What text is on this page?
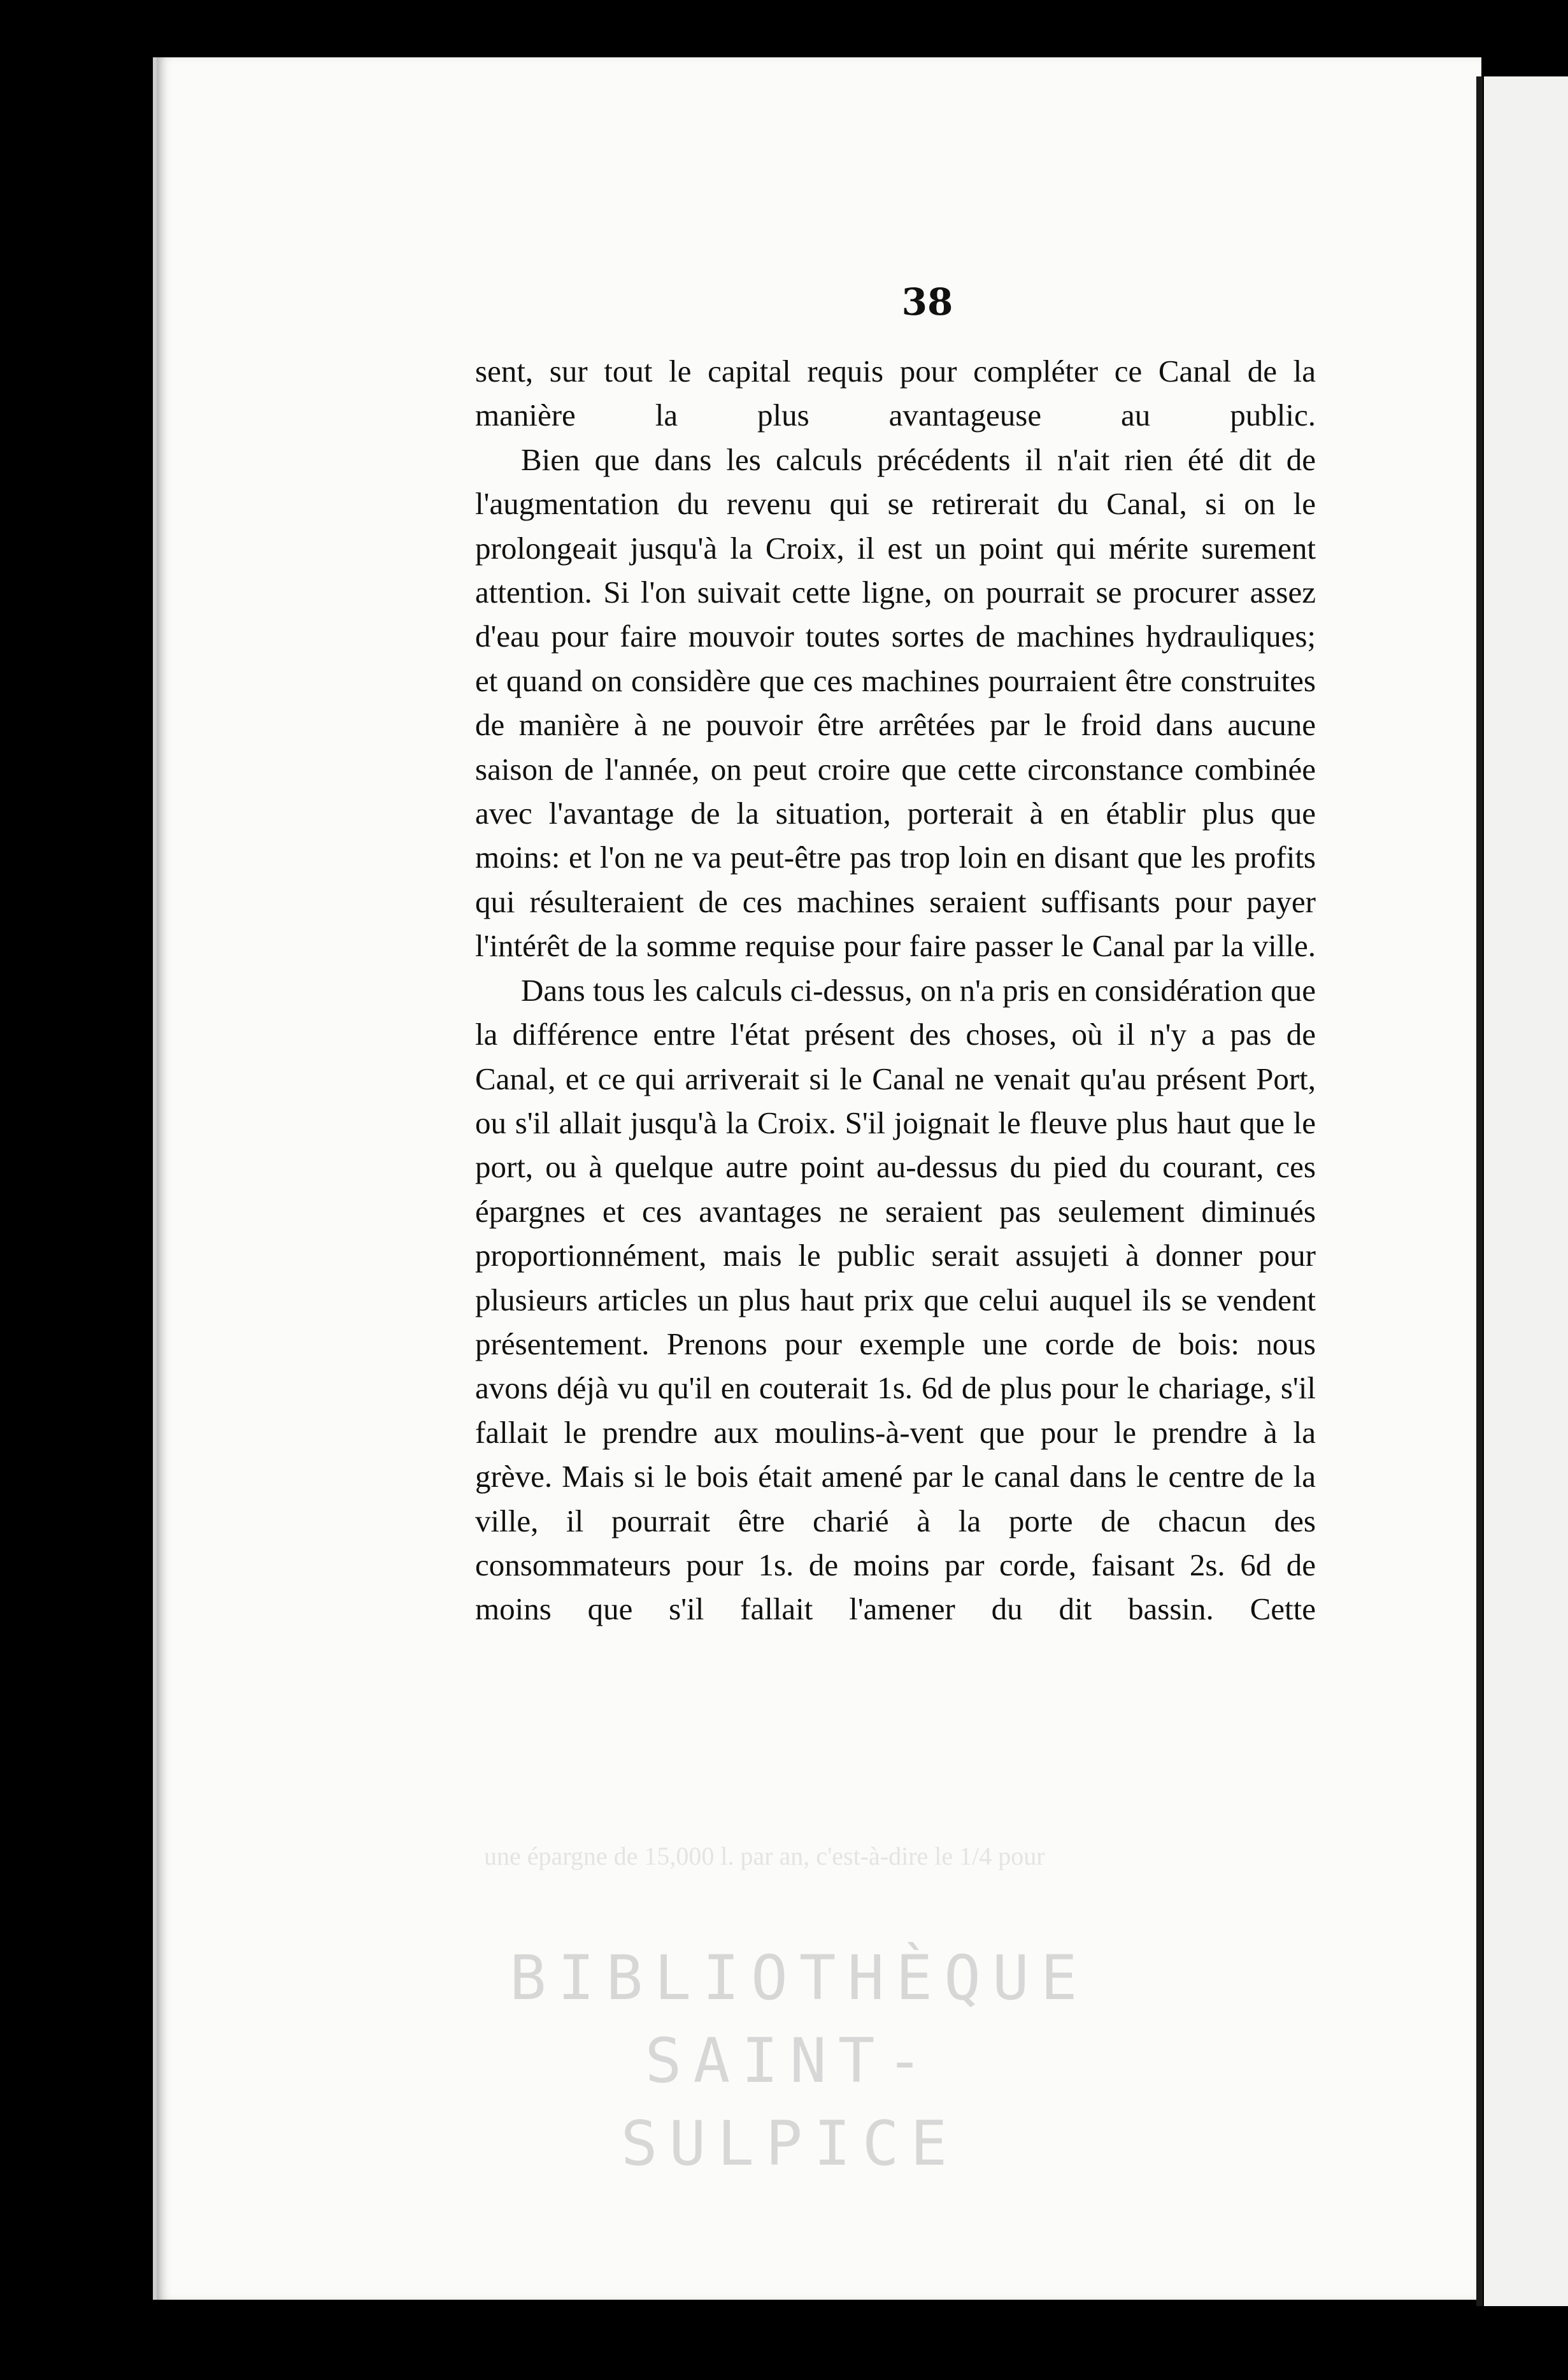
38

sent, sur tout le capital requis pour compléter ce Canal de la manière la plus avantageuse au public.

Bien que dans les calculs précédents il n'ait rien été dit de l'augmentation du revenu qui se retirerait du Canal, si on le prolongeait jusqu'à la Croix, il est un point qui mérite surement attention. Si l'on suivait cette ligne, on pourrait se procurer assez d'eau pour faire mouvoir toutes sortes de machines hydrauliques; et quand on considère que ces machines pourraient être construites de manière à ne pouvoir être arrêtées par le froid dans aucune saison de l'année, on peut croire que cette circonstance combinée avec l'avantage de la situation, porterait à en établir plus que moins: et l'on ne va peut-être pas trop loin en disant que les profits qui résulteraient de ces machines seraient suffisants pour payer l'intérêt de la somme requise pour faire passer le Canal par la ville.

Dans tous les calculs ci-dessus, on n'a pris en considération que la différence entre l'état présent des choses, où il n'y a pas de Canal, et ce qui arriverait si le Canal ne venait qu'au présent Port, ou s'il allait jusqu'à la Croix. S'il joignait le fleuve plus haut que le port, ou à quelque autre point au-dessus du pied du courant, ces épargnes et ces avantages ne seraient pas seulement diminués proportionnément, mais le public serait assujeti à donner pour plusieurs articles un plus haut prix que celui auquel ils se vendent présentement. Prenons pour exemple une corde de bois: nous avons déjà vu qu'il en couterait 1s. 6d de plus pour le chariage, s'il fallait le prendre aux moulins-à-vent que pour le prendre à la grève. Mais si le bois était amené par le canal dans le centre de la ville, il pourrait être charié à la porte de chacun des consommateurs pour 1s. de moins par corde, faisant 2s. 6d de moins que s'il fallait l'amener du dit bassin. Cette

une épargne de 15,000 l. par an, c'est-à-dire le 1/4 pour
BIBLIOTHÈQUE
SAINT-SULPICE
